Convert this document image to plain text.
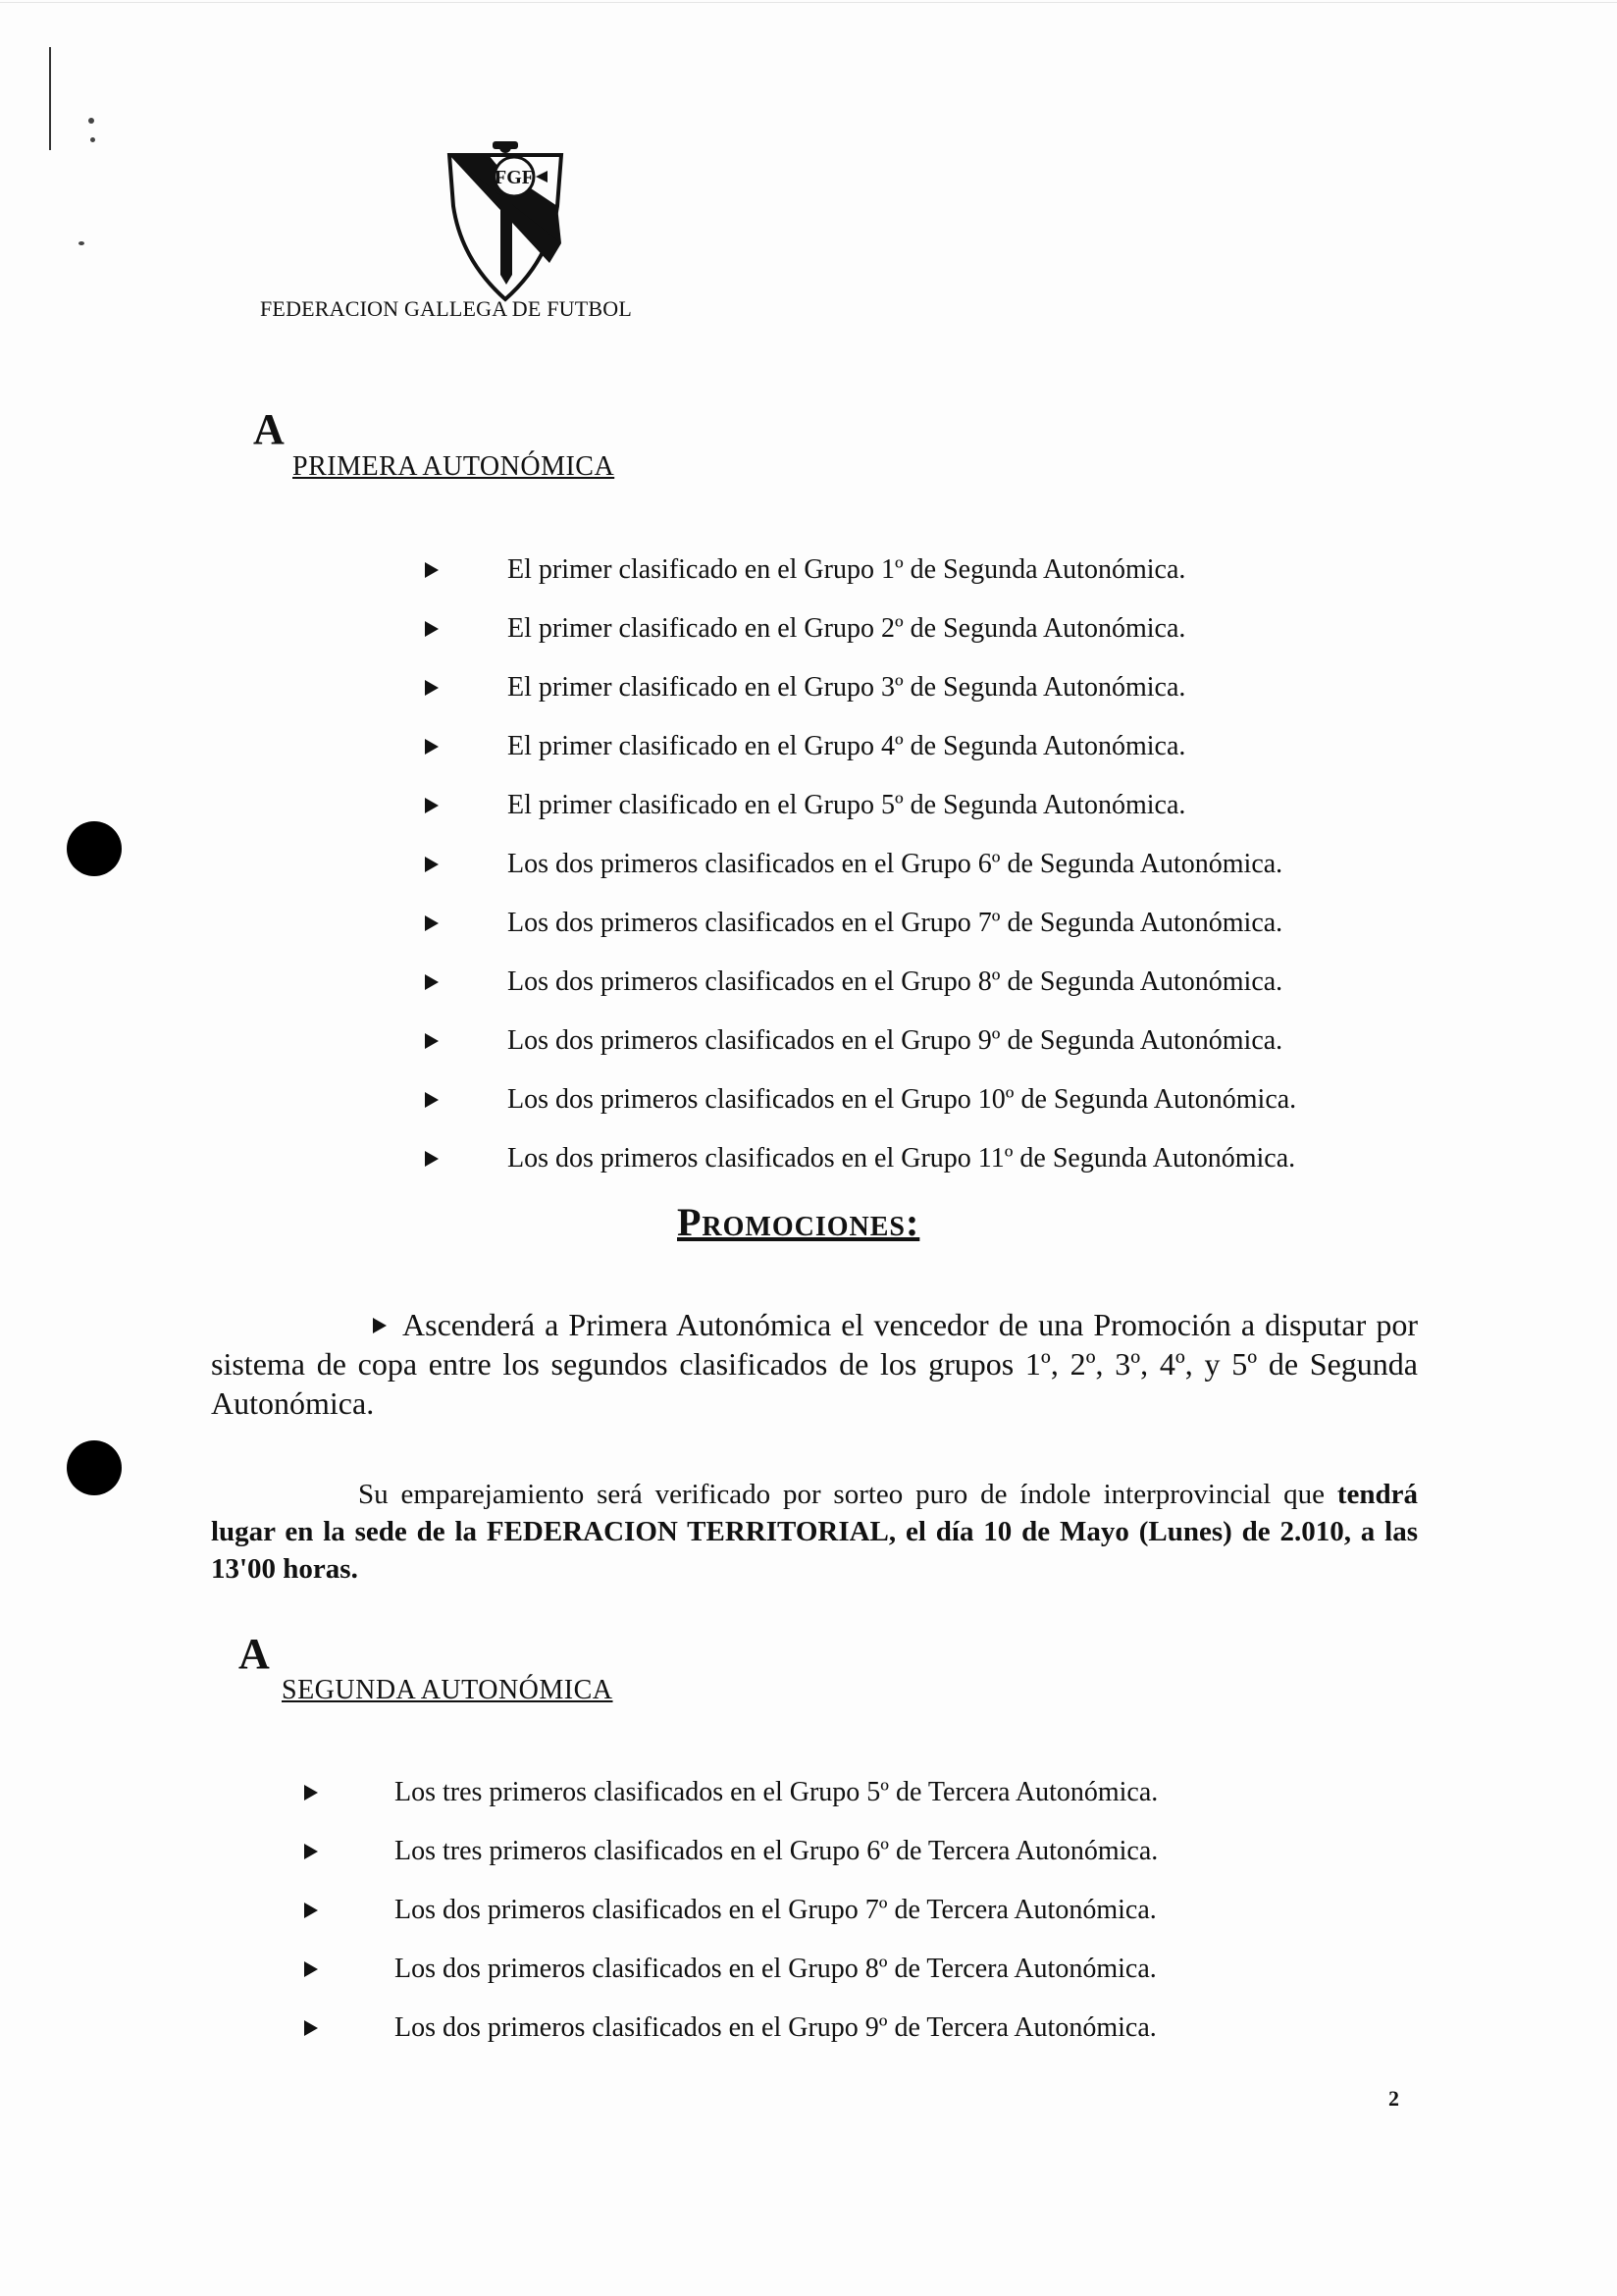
FGF
FEDERACION GALLEGA DE FUTBOL
A
PRIMERA AUTONÓMICA
El primer clasificado en el Grupo 1º de Segunda Autonómica.
El primer clasificado en el Grupo 2º de Segunda Autonómica.
El primer clasificado en el Grupo 3º de Segunda Autonómica.
El primer clasificado en el Grupo 4º de Segunda Autonómica.
El primer clasificado en el Grupo 5º de Segunda Autonómica.
Los dos primeros clasificados en el Grupo 6º de Segunda Autonómica.
Los dos primeros clasificados en el Grupo 7º de Segunda Autonómica.
Los dos primeros clasificados en el Grupo 8º de Segunda Autonómica.
Los dos primeros clasificados en el Grupo 9º de Segunda Autonómica.
Los dos primeros clasificados en el Grupo 10º de Segunda Autonómica.
Los dos primeros clasificados en el Grupo 11º de Segunda Autonómica.
Promociones:
Ascenderá a Primera Autonómica el vencedor de una Promoción a disputar por sistema de copa entre los segundos clasificados de los grupos 1º, 2º, 3º, 4º, y 5º de Segunda Autonómica.
Su emparejamiento será verificado por sorteo puro de índole interprovincial que tendrá lugar en la sede de la FEDERACION TERRITORIAL, el día 10 de Mayo (Lunes) de 2.010, a las 13'00 horas.
A
SEGUNDA AUTONÓMICA
Los tres primeros clasificados en el Grupo 5º de Tercera Autonómica.
Los tres primeros clasificados en el Grupo 6º de Tercera Autonómica.
Los dos primeros clasificados en el Grupo 7º de Tercera Autonómica.
Los dos primeros clasificados en el Grupo 8º de Tercera Autonómica.
Los dos primeros clasificados en el Grupo 9º de Tercera Autonómica.
2
